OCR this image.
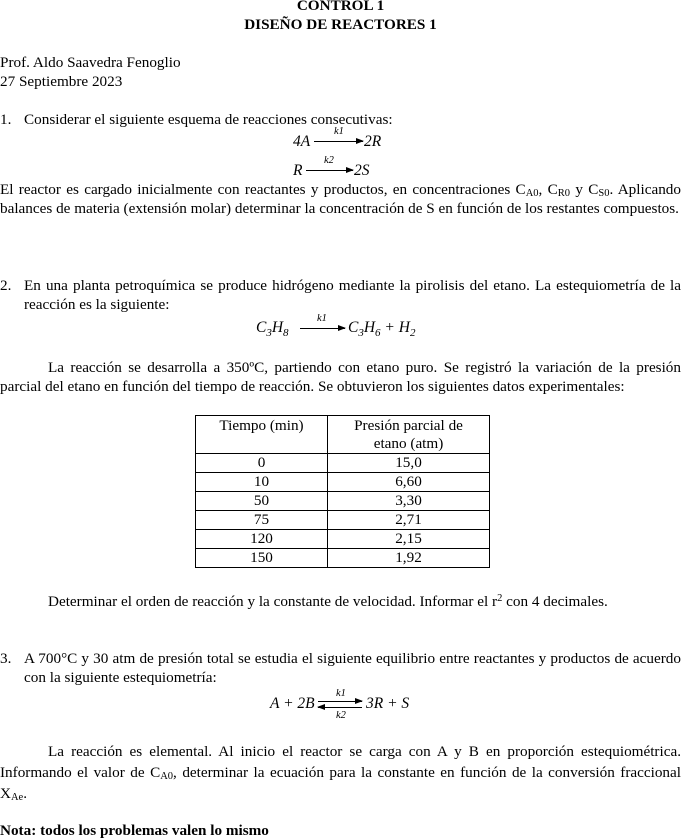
CONTROL 1
DISEÑO DE REACTORES 1
Prof. Aldo Saavedra Fenoglio
27 Septiembre 2023
1. Considerar el siguiente esquema de reacciones consecutivas:
4A
k1
2R
R
k2
2S
El reactor es cargado inicialmente con reactantes y productos, en concentraciones $C_{A0}$, $C_{R0}$ y $C_{S0}$. Aplicando balances de materia (extensión molar) determinar la concentración de S en función de los restantes compuestos.
2. En una planta petroquímica se produce hidrógeno mediante la pirolisis del etano. La estequiometría de la reacción es la siguiente:
$C_3H_8$
k1
→ $C_3H_6 + H_2$
La reacción se desarrolla a 350ºC, partiendo con etano puro. Se registró la variación de la presión parcial del etano en función del tiempo de reacción. Se obtuvieron los siguientes datos experimentales:
Tiempo (min)	Presión parcial de etano (atm)
0	15,0
10	6,60
50	3,30
75	2,71
120	2,15
150	1,92
Determinar el orden de reacción y la constante de velocidad. Informar el $r^2$ con 4 decimales.
3. A 700°C y 30 atm de presión total se estudia el siguiente equilibrio entre reactantes y productos de acuerdo con la siguiente estequiometría:
A + 2B
k1
k2
3R + S
La reacción es elemental. Al inicio el reactor se carga con A y B en proporción estequiométrica. Informando el valor de $C_{A0}$, determinar la ecuación para la constante en función de la conversión fraccional $X_{Ae}$.
Nota: todos los problemas valen lo mismo
